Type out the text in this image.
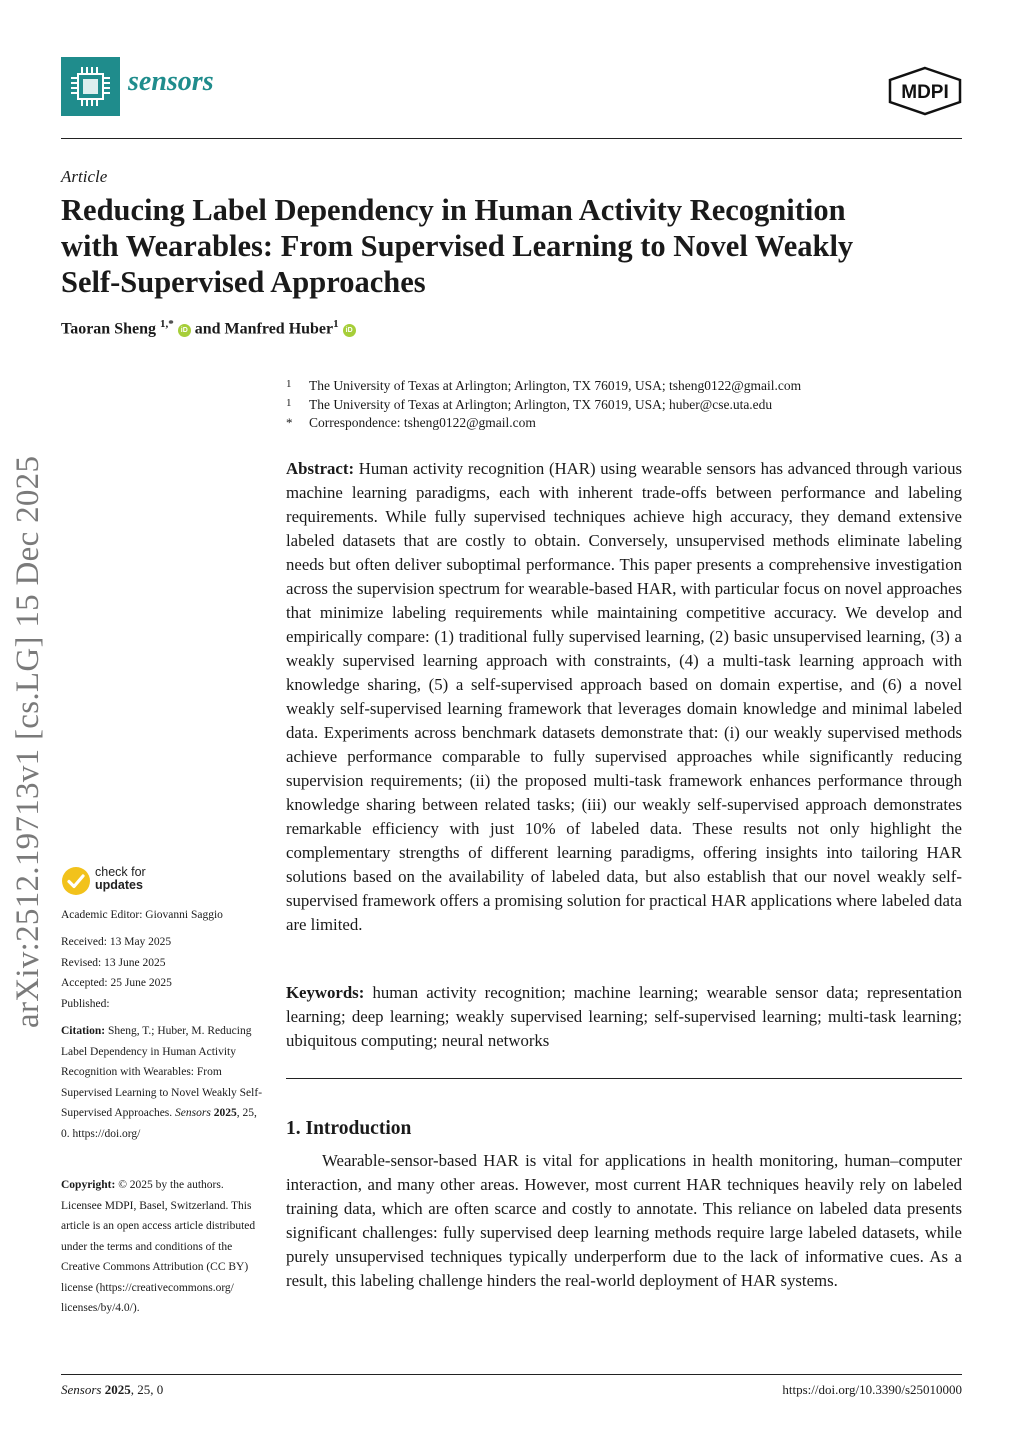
sensors	MDPI
Article
Reducing Label Dependency in Human Activity Recognition
with Wearables: From Supervised Learning to Novel Weakly
Self-Supervised Approaches
Taoran Sheng $^{1,*}$ iD and Manfred Huber$^1$ iD
1 The University of Texas at Arlington; Arlington, TX 76019, USA; tsheng0122@gmail.com
1 The University of Texas at Arlington; Arlington, TX 76019, USA; huber@cse.uta.edu
* Correspondence: tsheng0122@gmail.com
Abstract: Human activity recognition (HAR) using wearable sensors has advanced through various machine learning paradigms, each with inherent trade-offs between performance and labeling requirements. While fully supervised techniques achieve high accuracy, they demand extensive labeled datasets that are costly to obtain. Conversely, unsupervised methods eliminate labeling needs but often deliver suboptimal performance. This paper presents a comprehensive investigation across the supervision spectrum for wearable-based HAR, with particular focus on novel approaches that minimize labeling requirements while maintaining competitive accuracy. We develop and empirically compare: (1) traditional fully supervised learning, (2) basic unsupervised learning, (3) a weakly supervised learning approach with constraints, (4) a multi-task learning approach with knowledge sharing, (5) a self-supervised approach based on domain expertise, and (6) a novel weakly self-supervised learning framework that leverages domain knowledge and minimal labeled data. Experiments across benchmark datasets demonstrate that: (i) our weakly supervised methods achieve performance comparable to fully supervised approaches while significantly reducing supervision requirements; (ii) the proposed multi-task framework enhances performance through knowledge sharing between related tasks; (iii) our weakly self-supervised approach demonstrates remarkable efficiency with just 10% of labeled data. These results not only highlight the complementary strengths of different learning paradigms, offering insights into tailoring HAR solutions based on the availability of labeled data, but also establish that our novel weakly self-supervised framework offers a promising solution for practical HAR applications where labeled data are limited.
Keywords: human activity recognition; machine learning; wearable sensor data; representation learning; deep learning; weakly supervised learning; self-supervised learning; multi-task learning; ubiquitous computing; neural networks
1. Introduction
Wearable-sensor-based HAR is vital for applications in health monitoring, human–computer interaction, and many other areas. However, most current HAR techniques heavily rely on labeled training data, which are often scarce and costly to annotate. This reliance on labeled data presents significant challenges: fully supervised deep learning methods require large labeled datasets, while purely unsupervised techniques typically underperform due to the lack of informative cues. As a result, this labeling challenge hinders the real-world deployment of HAR systems.
arXiv:2512.19713v1 [cs.LG] 15 Dec 2025	check for
updates
Academic Editor: Giovanni Saggio
Received: 13 May 2025
Revised: 13 June 2025
Accepted: 25 June 2025
Published:
Citation: Sheng, T.; Huber, M. Reducing Label Dependency in Human Activity Recognition with Wearables: From Supervised Learning to Novel Weakly Self-Supervised Approaches. Sensors 2025, 25, 0. https://doi.org/
Copyright: © 2025 by the authors. Licensee MDPI, Basel, Switzerland. This article is an open access article distributed under the terms and conditions of the Creative Commons Attribution (CC BY) license (https://creativecommons.org/ licenses/by/4.0/).
Sensors 2025, 25, 0	https://doi.org/10.3390/s25010000
